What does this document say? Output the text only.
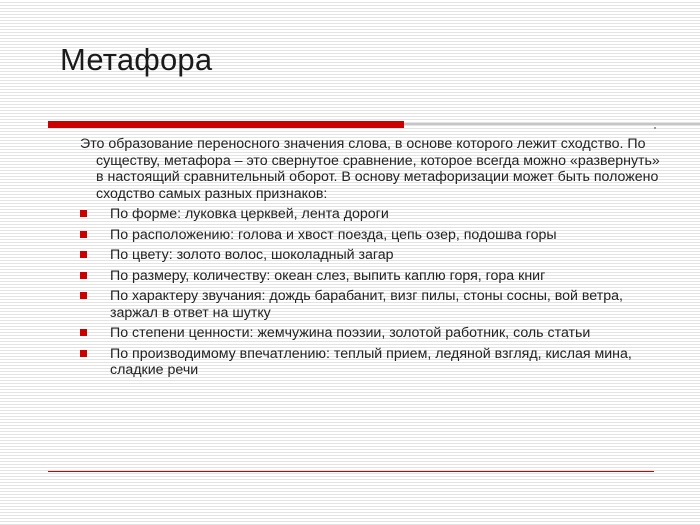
Метафора

Это образование переносного значения слова, в основе которого лежит сходство. По существу, метафора – это свернутое сравнение, которое всегда можно «развернуть» в настоящий сравнительный оборот. В основу метафоризации может быть положено сходство самых разных признаков:

По форме: луковка церквей, лента дороги
По расположению: голова и хвост поезда, цепь озер, подошва горы
По цвету: золото волос, шоколадный загар
По размеру, количеству: океан слез, выпить каплю горя, гора книг
По характеру звучания: дождь барабанит, визг пилы, стоны сосны, вой ветра, заржал в ответ на шутку
По степени ценности: жемчужина поэзии, золотой работник, соль статьи
По производимому впечатлению: теплый прием, ледяной взгляд, кислая мина, сладкие речи
